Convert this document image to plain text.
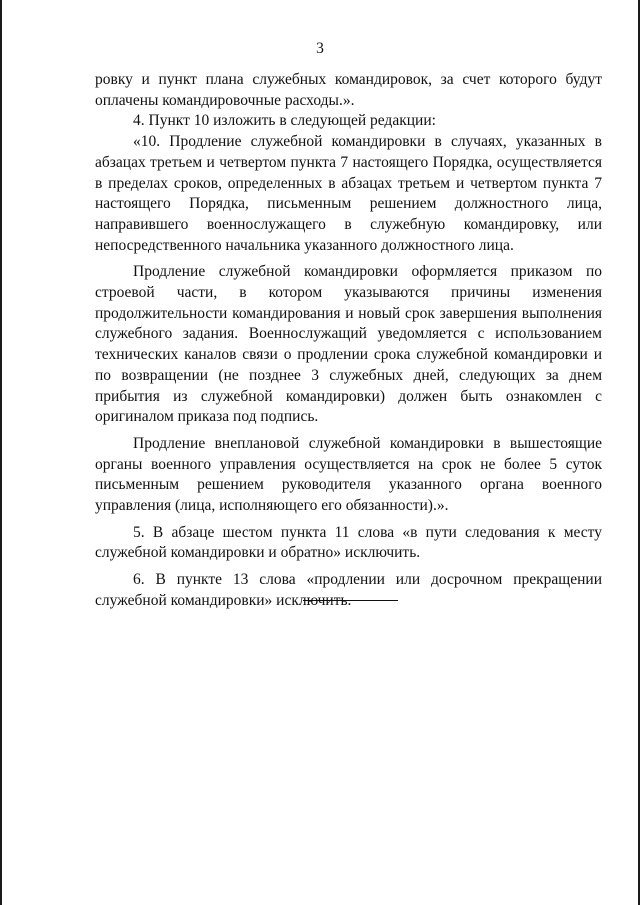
3

ровку и пункт плана служебных командировок, за счет которого будут оплачены командировочные расходы.».

4. Пункт 10 изложить в следующей редакции:

«10. Продление служебной командировки в случаях, указанных в абзацах третьем и четвертом пункта 7 настоящего Порядка, осуществляется в пределах сроков, определенных в абзацах третьем и четвертом пункта 7 настоящего Порядка, письменным решением должностного лица, направившего военнослужащего в служебную командировку, или непосредственного начальника указанного должностного лица.

Продление служебной командировки оформляется приказом по строевой части, в котором указываются причины изменения продолжительности командирования и новый срок завершения выполнения служебного задания. Военнослужащий уведомляется с использованием технических каналов связи о продлении срока служебной командировки и по возвращении (не позднее 3 служебных дней, следующих за днем прибытия из служебной командировки) должен быть ознакомлен с оригиналом приказа под подпись.

Продление внеплановой служебной командировки в вышестоящие органы военного управления осуществляется на срок не более 5 суток письменным решением руководителя указанного органа военного управления (лица, исполняющего его обязанности).».

5. В абзаце шестом пункта 11 слова «в пути следования к месту служебной командировки и обратно» исключить.

6. В пункте 13 слова «продлении или досрочном прекращении служебной командировки» исключить.
